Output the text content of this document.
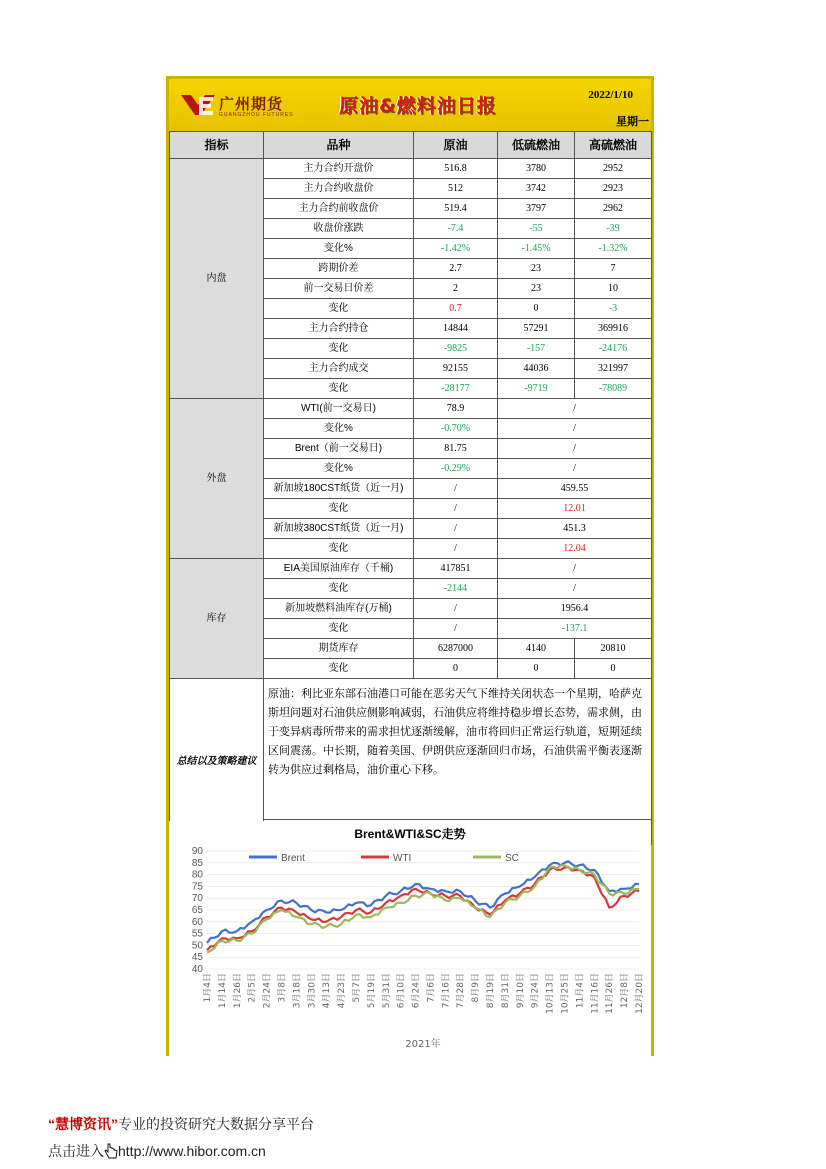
广州期货
GUANGZHOU FUTURES 原油&燃料油日报	2022/1/10
星期一
指标	品种	原油	低硫燃油	高硫燃油
内盘	主力合约开盘价	516.8	3780	2952
	主力合约收盘价	512	3742	2923
	主力合约前收盘价	519.4	3797	2962
	收盘价涨跌	-7.4	-55	-39
	变化%	-1.42%	-1.45%	-1.32%
	跨期价差	2.7	23	7
	前一交易日价差	2	23	10
	变化	0.7	0	-3
	主力合约持仓	14844	57291	369916
	变化	-9825	-157	-24176
	主力合约成交	92155	44036	321997
	变化	-28177	-9719	-78089
外盘	WTI(前一交易日)	78.9	/	
	变化%	-0.70%	/	
	Brent（前一交易日)	81.75	/	
	变化%	-0.29%	/	
	新加坡180CST纸货（近一月)	/	459.55	
	变化	/	12.01	
	新加坡380CST纸货（近一月)	/	451.3	
	变化	/	12.04	
库存	EIA美国原油库存（千桶)	417851	/	
	变化	-2144	/	
	新加坡燃料油库存(万桶)	/	1956.4	
	变化	/	-137.1	
	期货库存	6287000	4140	20810
	变化	0	0	0
总结以及策略建议	原油：利比亚东部石油港口可能在恶劣天气下维持关闭状态一个星期，哈萨克斯坦问题对石油供应侧影响减弱，石油供应将维持稳步增长态势，需求侧，由于变异病毒所带来的需求担忧逐渐缓解，油市将回归正常运行轨道，短期延续区间震荡。中长期，随着美国、伊朗供应逐渐回归市场，石油供需平衡表逐渐转为供应过剩格局，油价重心下移。			

Brent&WTI&SC走势
40
45
50
55
60
65
70
75
80
85
90
1月4日 1月14日 1月26日 2月5日 2月24日 3月8日 3月18日 3月30日 4月13日 4月23日 5月7日 5月19日 5月31日 6月10日 6月24日 7月6日 7月16日 7月28日 8月9日 8月19日 8月31日 9月10日 9月24日 10月13日 10月25日 11月4日 11月16日 11月26日 12月8日 12月20日
Brent	WTI	SC
2021年
“慧博资讯”专业的投资研究大数据分享平台
点击进入 http://www.hibor.com.cn
